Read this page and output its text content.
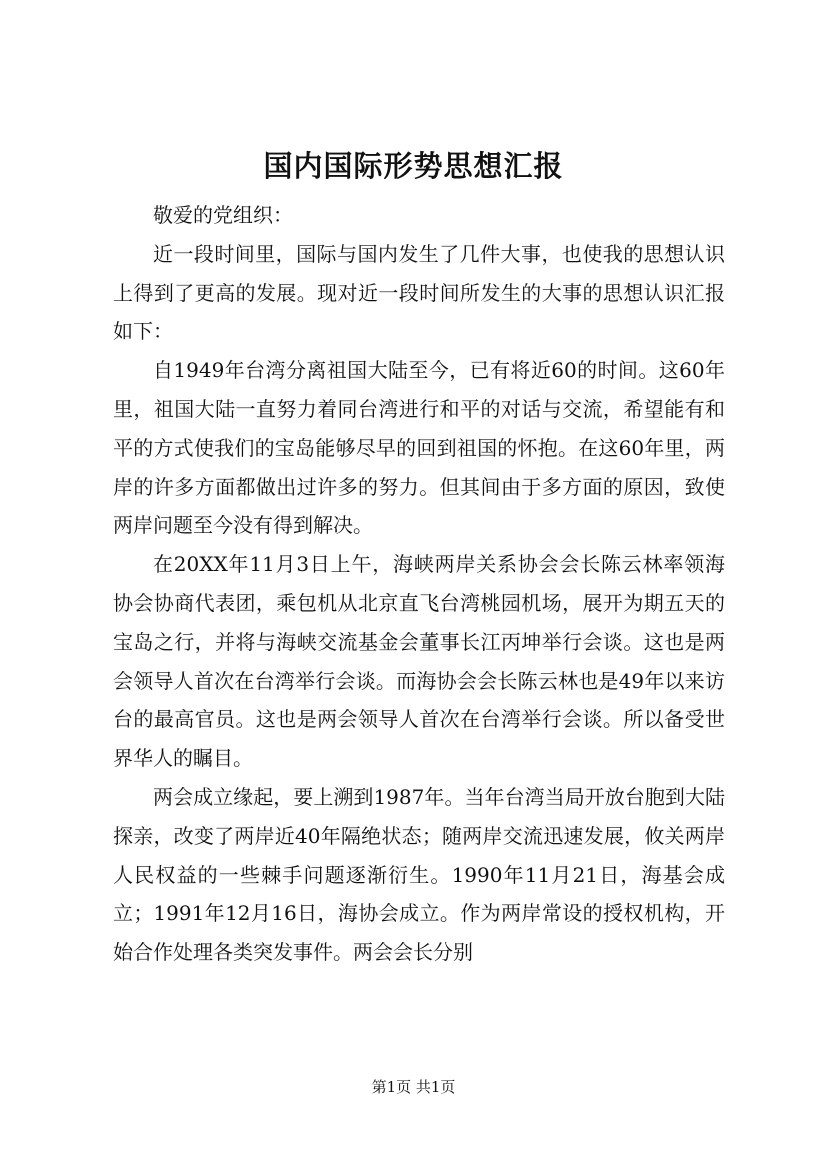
国内国际形势思想汇报

敬爱的党组织：

近一段时间里，国际与国内发生了几件大事，也使我的思想认识上得到了更高的发展。现对近一段时间所发生的大事的思想认识汇报如下：

自1949年台湾分离祖国大陆至今，已有将近60的时间。这60年里，祖国大陆一直努力着同台湾进行和平的对话与交流，希望能有和平的方式使我们的宝岛能够尽早的回到祖国的怀抱。在这60年里，两岸的许多方面都做出过许多的努力。但其间由于多方面的原因，致使两岸问题至今没有得到解决。

在20XX年11月3日上午，海峡两岸关系协会会长陈云林率领海协会协商代表团，乘包机从北京直飞台湾桃园机场，展开为期五天的宝岛之行，并将与海峡交流基金会董事长江丙坤举行会谈。这也是两会领导人首次在台湾举行会谈。而海协会会长陈云林也是49年以来访台的最高官员。这也是两会领导人首次在台湾举行会谈。所以备受世界华人的瞩目。

两会成立缘起，要上溯到1987年。当年台湾当局开放台胞到大陆探亲，改变了两岸近40年隔绝状态；随两岸交流迅速发展，攸关两岸人民权益的一些棘手问题逐渐衍生。1990年11月21日，海基会成立；1991年12月16日，海协会成立。作为两岸常设的授权机构，开始合作处理各类突发事件。两会会长分别

第1页 共1页
